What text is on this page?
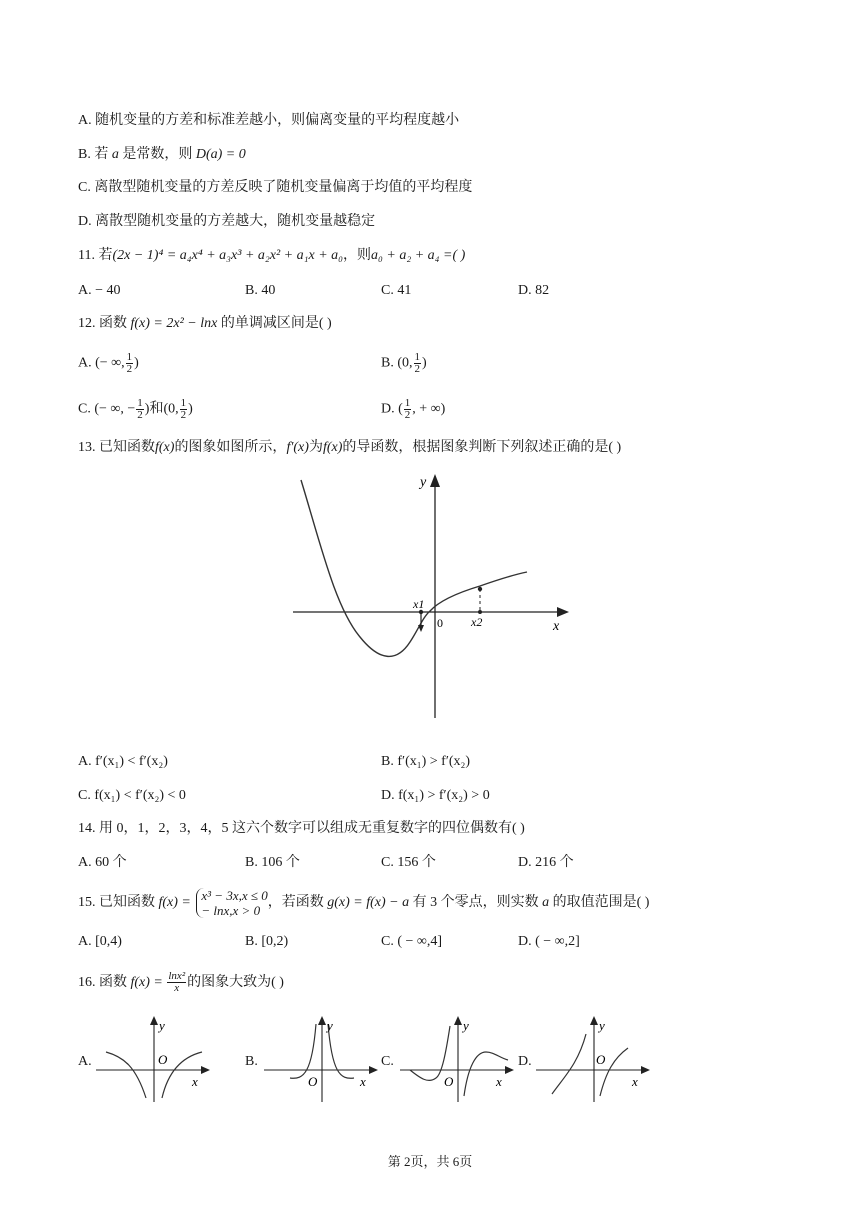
A. 随机变量的方差和标准差越小，则偏离变量的平均程度越小
B. 若 a 是常数，则 D(a) = 0
C. 离散型随机变量的方差反映了随机变量偏离于均值的平均程度
D. 离散型随机变量的方差越大，随机变量越稳定
11. 若(2x − 1)⁴ = a₄x⁴ + a₃x³ + a₂x² + a₁x + a₀，则a₀ + a₂ + a₄ =( )
A. − 40	B. 40	C. 41	D. 82
12. 函数 f(x) = 2x² − lnx 的单调减区间是( )
A. (− ∞, $\frac{1}{2}$ )	B. (0, $\frac{1}{2}$ )
C. (− ∞, − $\frac{1}{2}$ )和(0, $\frac{1}{2}$ )	D. ( $\frac{1}{2}$ , + ∞)
13. 已知函数f(x)的图象如图所示，f′(x)为f(x)的导函数，根据图象判断下列叙述正确的是( )
y
x
x1
0 x2
A. f′(x₁) < f′(x₂)	B. f′(x₁) > f′(x₂)
C. f(x₁) < f′(x₂) < 0	D. f(x₁) > f′(x₂) > 0
14. 用 0，1，2，3，4，5 这六个数字可以组成无重复数字的四位偶数有( )
A. 60 个	B. 106 个	C. 156 个	D. 216 个
15. 已知函数 f(x) = x³ − 3x,x ≤ 0
− lnx,x > 0
，若函数 g(x) = f(x) − a 有 3 个零点，则实数 a 的取值范围是( )
A. [0,4)	B. [0,2)	C. ( − ∞,4]	D. ( − ∞,2]
16. 函数 $f(x) = \frac{\text{lnx²}}{x}$ 的图象大致为( )
A.
y
O
x
B.
y
O	x
C.
y
O	x
D.
y
O
x
第 2页，共 6页
